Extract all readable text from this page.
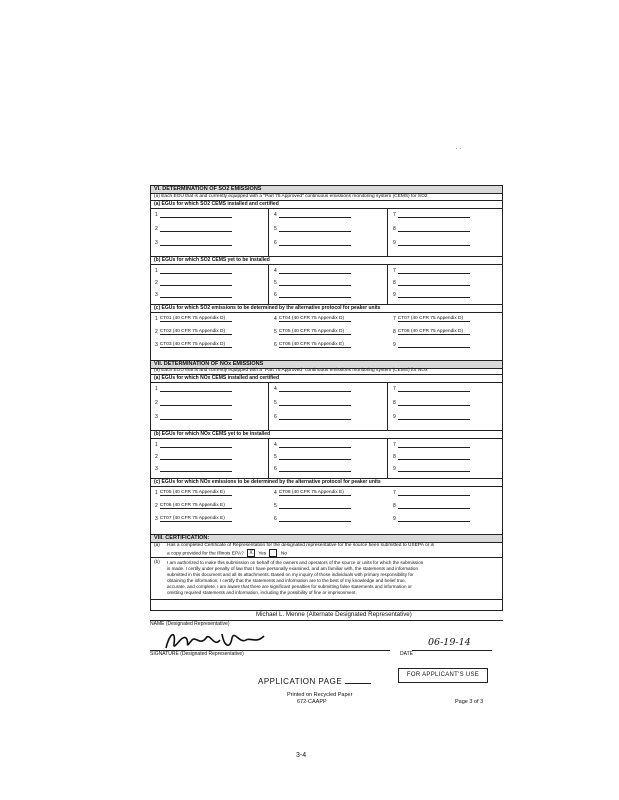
. .
VI. DETERMINATION OF SO2 EMISSIONS
(a) Each EGU that is and currently equipped with a "Part 75 Approved" continuous emissions monitoring system (CEMS) for SO2
(a) EGUs for which SO2 CEMS installed and certified
1	4	7
2	5	8
3	6	9
(b) EGUs for which SO2 CEMS yet to be installed
1	4	7
2	5	8
3	6	9
(c) EGUs for which SO2 emissions to be determined by the alternative protocol for peaker units
1 CT01 (40 CFR 75 Appendix D)	4 CT04 (40 CFR 75 Appendix D)	7 CT07 (40 CFR 75 Appendix D)
2 CT02 (40 CFR 75 Appendix D)	5 CT05 (40 CFR 75 Appendix D)	8 CT08 (40 CFR 75 Appendix D)
3 CT03 (40 CFR 75 Appendix D)	6 CT06 (40 CFR 75 Appendix E)	9
VII. DETERMINATION OF NOx EMISSIONS
(a) Each EGU that is and currently equipped with a "Part 75 Approved" continuous emissions monitoring system (CEMS) for NOx
(a) EGUs for which NOx CEMS installed and certified
1	4	7
2	5	8
3	6	9
(b) EGUs for which NOx CEMS yet to be installed
1	4	7
2	5	8
3	6	9
(c) EGUs for which NOx emissions to be determined by the alternative protocol for peaker units
1 CT05 (40 CFR 75 Appendix E)	4 CT08 (40 CFR 75 Appendix E)	7
2 CT06 (40 CFR 75 Appendix E)	5	8
3 CT07 (40 CFR 75 Appendix E)	6	9
VIII. CERTIFICATION:
(a) Has a completed Certificate of Representation for the designated representative for the source been submitted to USEPA or is
a copy provided for the Illinois EPA? X Yes	No
(b) I am authorized to make this submission on behalf of the owners and operators of the source or units for which the submission
is made. I certify under penalty of law that I have personally examined, and am familiar with, the statements and information
submitted in this document and all its attachments. Based on my inquiry of those individuals with primary responsibility for
obtaining the information, I certify that the statements and information are to the best of my knowledge and belief true,
accurate, and complete. I am aware that there are significant penalties for submitting false statements and information or
omitting required statements and information, including the possibility of fine or imprisonment.
Michael L. Menne (Alternate Designated Representative)
NAME (Designated Representative)
SIGNATURE (Designated Representative)
06-19-14
DATE
APPLICATION PAGE
FOR APPLICANT'S USE
Printed on Recycled Paper
672-CAAPP	Page 3 of 3
3-4
